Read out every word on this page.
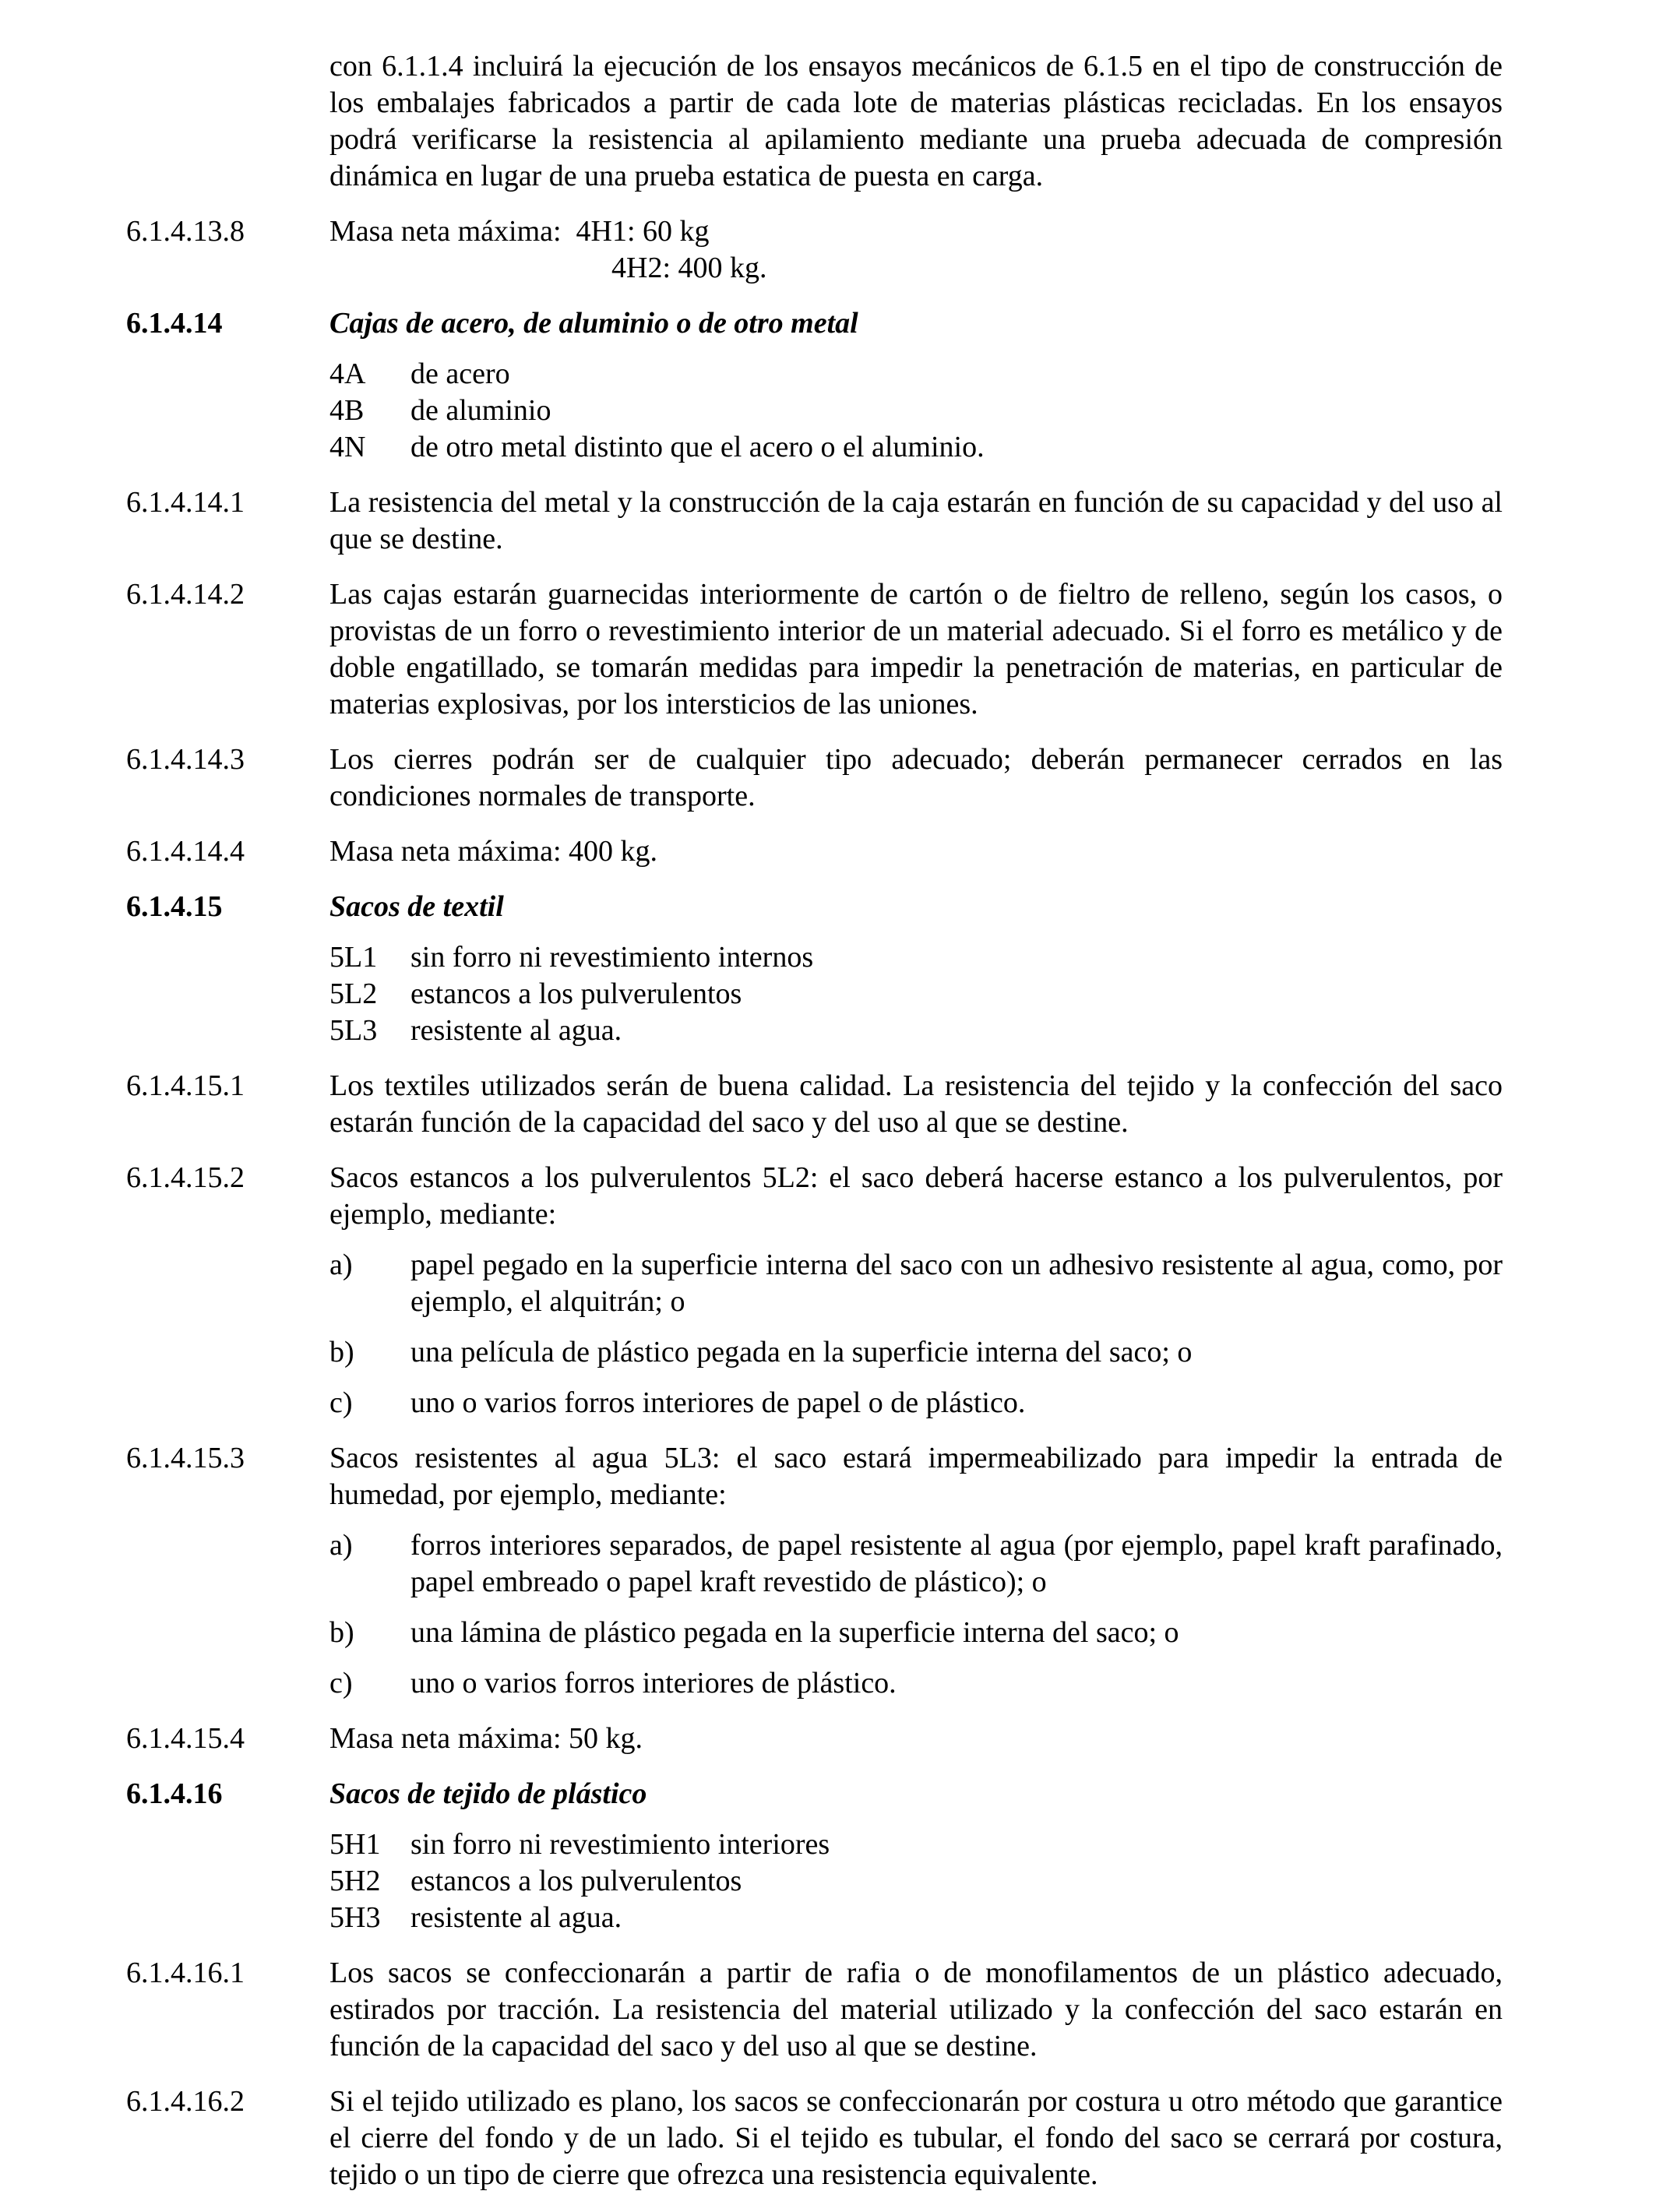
con 6.1.1.4 incluirá la ejecución de los ensayos mecánicos de 6.1.5 en el tipo de construcción de los embalajes fabricados a partir de cada lote de materias plásticas recicladas. En los ensayos podrá verificarse la resistencia al apilamiento mediante una prueba adecuada de compresión dinámica en lugar de una prueba estatica de puesta en carga.
6.1.4.13.8	Masa neta máxima:  4H1: 60 kg
4H2: 400 kg.
6.1.4.14	Cajas de acero, de aluminio o de otro metal
4A	de acero
4B	de aluminio
4N	de otro metal distinto que el acero o el aluminio.
6.1.4.14.1	La resistencia del metal y la construcción de la caja estarán en función de su capacidad y del uso al que se destine.
6.1.4.14.2	Las cajas estarán guarnecidas interiormente de cartón o de fieltro de relleno, según los casos, o provistas de un forro o revestimiento interior de un material adecuado. Si el forro es metálico y de doble engatillado, se tomarán medidas para impedir la penetración de materias, en particular de materias explosivas, por los intersticios de las uniones.
6.1.4.14.3	Los cierres podrán ser de cualquier tipo adecuado; deberán permanecer cerrados en las condiciones normales de transporte.
6.1.4.14.4	Masa neta máxima: 400 kg.
6.1.4.15	Sacos de textil
5L1	sin forro ni revestimiento internos
5L2	estancos a los pulverulentos
5L3	resistente al agua.
6.1.4.15.1	Los textiles utilizados serán de buena calidad. La resistencia del tejido y la confección del saco estarán función de la capacidad del saco y del uso al que se destine.
6.1.4.15.2	Sacos estancos a los pulverulentos 5L2: el saco deberá hacerse estanco a los pulverulentos, por ejemplo, mediante:
a)	papel pegado en la superficie interna del saco con un adhesivo resistente al agua, como, por ejemplo, el alquitrán; o
b)	una película de plástico pegada en la superficie interna del saco; o
c)	uno o varios forros interiores de papel o de plástico.
6.1.4.15.3	Sacos resistentes al agua 5L3: el saco estará impermeabilizado para impedir la entrada de humedad, por ejemplo, mediante:
a)	forros interiores separados, de papel resistente al agua (por ejemplo, papel kraft parafinado, papel embreado o papel kraft revestido de plástico); o
b)	una lámina de plástico pegada en la superficie interna del saco; o
c)	uno o varios forros interiores de plástico.
6.1.4.15.4	Masa neta máxima: 50 kg.
6.1.4.16	Sacos de tejido de plástico
5H1	sin forro ni revestimiento interiores
5H2	estancos a los pulverulentos
5H3	resistente al agua.
6.1.4.16.1	Los sacos se confeccionarán a partir de rafia o de monofilamentos de un plástico adecuado, estirados por tracción. La resistencia del material utilizado y la confección del saco estarán en función de la capacidad del saco y del uso al que se destine.
6.1.4.16.2	Si el tejido utilizado es plano, los sacos se confeccionarán por costura u otro método que garantice el cierre del fondo y de un lado. Si el tejido es tubular, el fondo del saco se cerrará por costura, tejido o un tipo de cierre que ofrezca una resistencia equivalente.
